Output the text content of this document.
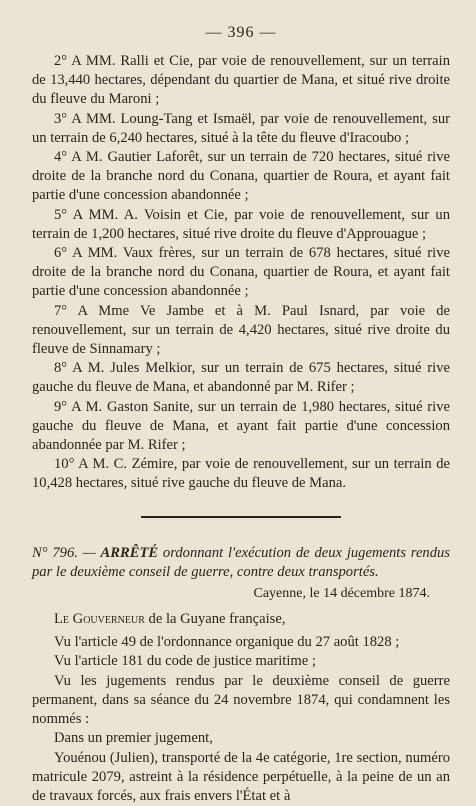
— 396 —

2° A MM. Ralli et Cie, par voie de renouvellement, sur un terrain de 13,440 hectares, dépendant du quartier de Mana, et situé rive droite du fleuve du Maroni ;

3° A MM. Loung-Tang et Ismaël, par voie de renouvellement, sur un terrain de 6,240 hectares, situé à la tête du fleuve d'Iracoubo ;

4° A M. Gautier Laforêt, sur un terrain de 720 hectares, situé rive droite de la branche nord du Conana, quartier de Roura, et ayant fait partie d'une concession abandonnée ;

5° A MM. A. Voisin et Cie, par voie de renouvellement, sur un terrain de 1,200 hectares, situé rive droite du fleuve d'Approuague ;

6° A MM. Vaux frères, sur un terrain de 678 hectares, situé rive droite de la branche nord du Conana, quartier de Roura, et ayant fait partie d'une concession abandonnée ;

7° A Mme Ve Jambe et à M. Paul Isnard, par voie de renouvellement, sur un terrain de 4,420 hectares, situé rive droite du fleuve de Sinnamary ;

8° A M. Jules Melkior, sur un terrain de 675 hectares, situé rive gauche du fleuve de Mana, et abandonné par M. Rifer ;

9° A M. Gaston Sanite, sur un terrain de 1,980 hectares, situé rive gauche du fleuve de Mana, et ayant fait partie d'une concession abandonnée par M. Rifer ;

10° A M. C. Zémire, par voie de renouvellement, sur un terrain de 10,428 hectares, situé rive gauche du fleuve de Mana.

N° 796. — ARRÊTÉ ordonnant l'exécution de deux jugements rendus par le deuxième conseil de guerre, contre deux transportés.

Cayenne, le 14 décembre 1874.

Le Gouverneur de la Guyane française,

Vu l'article 49 de l'ordonnance organique du 27 août 1828 ;

Vu l'article 181 du code de justice maritime ;

Vu les jugements rendus par le deuxième conseil de guerre permanent, dans sa séance du 24 novembre 1874, qui condamnent les nommés :

Dans un premier jugement,

Youénou (Julien), transporté de la 4e catégorie, 1re section, numéro matricule 2079, astreint à la résidence perpétuelle, à la peine de un an de travaux forcés, aux frais envers l'État et à
